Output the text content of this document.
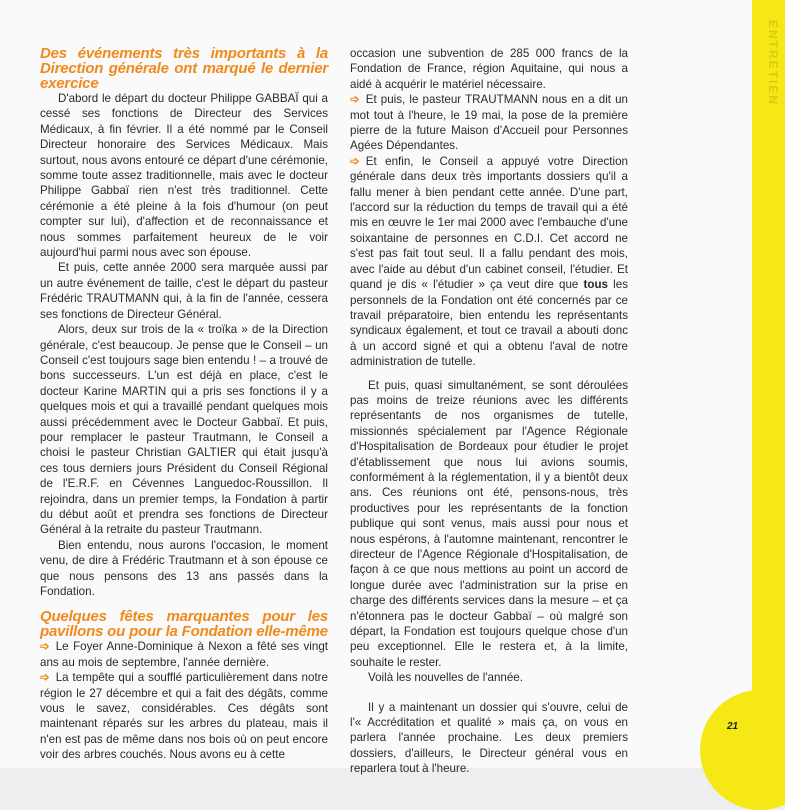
ENTRETIEN
21
Des événements très importants à la Direction générale ont marqué le dernier exercice

D'abord le départ du docteur Philippe GABBAÏ qui a cessé ses fonctions de Directeur des Services Médicaux, à fin février. Il a été nommé par le Conseil Directeur honoraire des Services Médicaux. Mais surtout, nous avons entouré ce départ d'une cérémonie, somme toute assez traditionnelle, mais avec le docteur Philippe Gabbaï rien n'est très traditionnel. Cette cérémonie a été pleine à la fois d'humour (on peut compter sur lui), d'affection et de reconnaissance et nous sommes parfaitement heureux de le voir aujourd'hui parmi nous avec son épouse.

Et puis, cette année 2000 sera marquée aussi par un autre événement de taille, c'est le départ du pasteur Frédéric TRAUTMANN qui, à la fin de l'année, cessera ses fonctions de Directeur Général.

Alors, deux sur trois de la « troïka » de la Direction générale, c'est beaucoup. Je pense que le Conseil – un Conseil c'est toujours sage bien entendu ! – a trouvé de bons successeurs. L'un est déjà en place, c'est le docteur Karine MARTIN qui a pris ses fonctions il y a quelques mois et qui a travaillé pendant quelques mois aussi précédemment avec le Docteur Gabbaï. Et puis, pour remplacer le pasteur Trautmann, le Conseil a choisi le pasteur Christian GALTIER qui était jusqu'à ces tous derniers jours Président du Conseil Régional de l'E.R.F. en Cévennes Languedoc-Roussillon. Il rejoindra, dans un premier temps, la Fondation à partir du début août et prendra ses fonctions de Directeur Général à la retraite du pasteur Trautmann.

Bien entendu, nous aurons l'occasion, le moment venu, de dire à Frédéric Trautmann et à son épouse ce que nous pensons des 13 ans passés dans la Fondation.

Quelques fêtes marquantes pour les pavillons ou pour la Fondation elle-même

➩ Le Foyer Anne-Dominique à Nexon a fêté ses vingt ans au mois de septembre, l'année dernière.

➩ La tempête qui a soufflé particulièrement dans notre région le 27 décembre et qui a fait des dégâts, comme vous le savez, considérables. Ces dégâts sont maintenant réparés sur les arbres du plateau, mais il n'en est pas de même dans nos bois où on peut encore voir des arbres couchés. Nous avons eu à cette

occasion une subvention de 285 000 francs de la Fondation de France, région Aquitaine, qui nous a aidé à acquérir le matériel nécessaire.

➩ Et puis, le pasteur TRAUTMANN nous en a dit un mot tout à l'heure, le 19 mai, la pose de la première pierre de la future Maison d'Accueil pour Personnes Agées Dépendantes.

➩ Et enfin, le Conseil a appuyé votre Direction générale dans deux très importants dossiers qu'il a fallu mener à bien pendant cette année. D'une part, l'accord sur la réduction du temps de travail qui a été mis en œuvre le 1er mai 2000 avec l'embauche d'une soixantaine de personnes en C.D.I. Cet accord ne s'est pas fait tout seul. Il a fallu pendant des mois, avec l'aide au début d'un cabinet conseil, l'étudier. Et quand je dis « l'étudier » ça veut dire que tous les personnels de la Fondation ont été concernés par ce travail préparatoire, bien entendu les représentants syndicaux également, et tout ce travail a abouti donc à un accord signé et qui a obtenu l'aval de notre administration de tutelle.

Et puis, quasi simultanément, se sont déroulées pas moins de treize réunions avec les différents représentants de nos organismes de tutelle, missionnés spécialement par l'Agence Régionale d'Hospitalisation de Bordeaux pour étudier le projet d'établissement que nous lui avions soumis, conformément à la réglementation, il y a bientôt deux ans. Ces réunions ont été, pensons-nous, très productives pour les représentants de la fonction publique qui sont venus, mais aussi pour nous et nous espérons, à l'automne maintenant, rencontrer le directeur de l'Agence Régionale d'Hospitalisation, de façon à ce que nous mettions au point un accord de longue durée avec l'administration sur la prise en charge des différents services dans la mesure – et ça n'étonnera pas le docteur Gabbaï – où malgré son départ, la Fondation est toujours quelque chose d'un peu exceptionnel. Elle le restera et, à la limite, souhaite le rester.

Voilà les nouvelles de l'année.

Il y a maintenant un dossier qui s'ouvre, celui de l'« Accréditation et qualité » mais ça, on vous en parlera l'année prochaine. Les deux premiers dossiers, d'ailleurs, le Directeur général vous en reparlera tout à l'heure.
